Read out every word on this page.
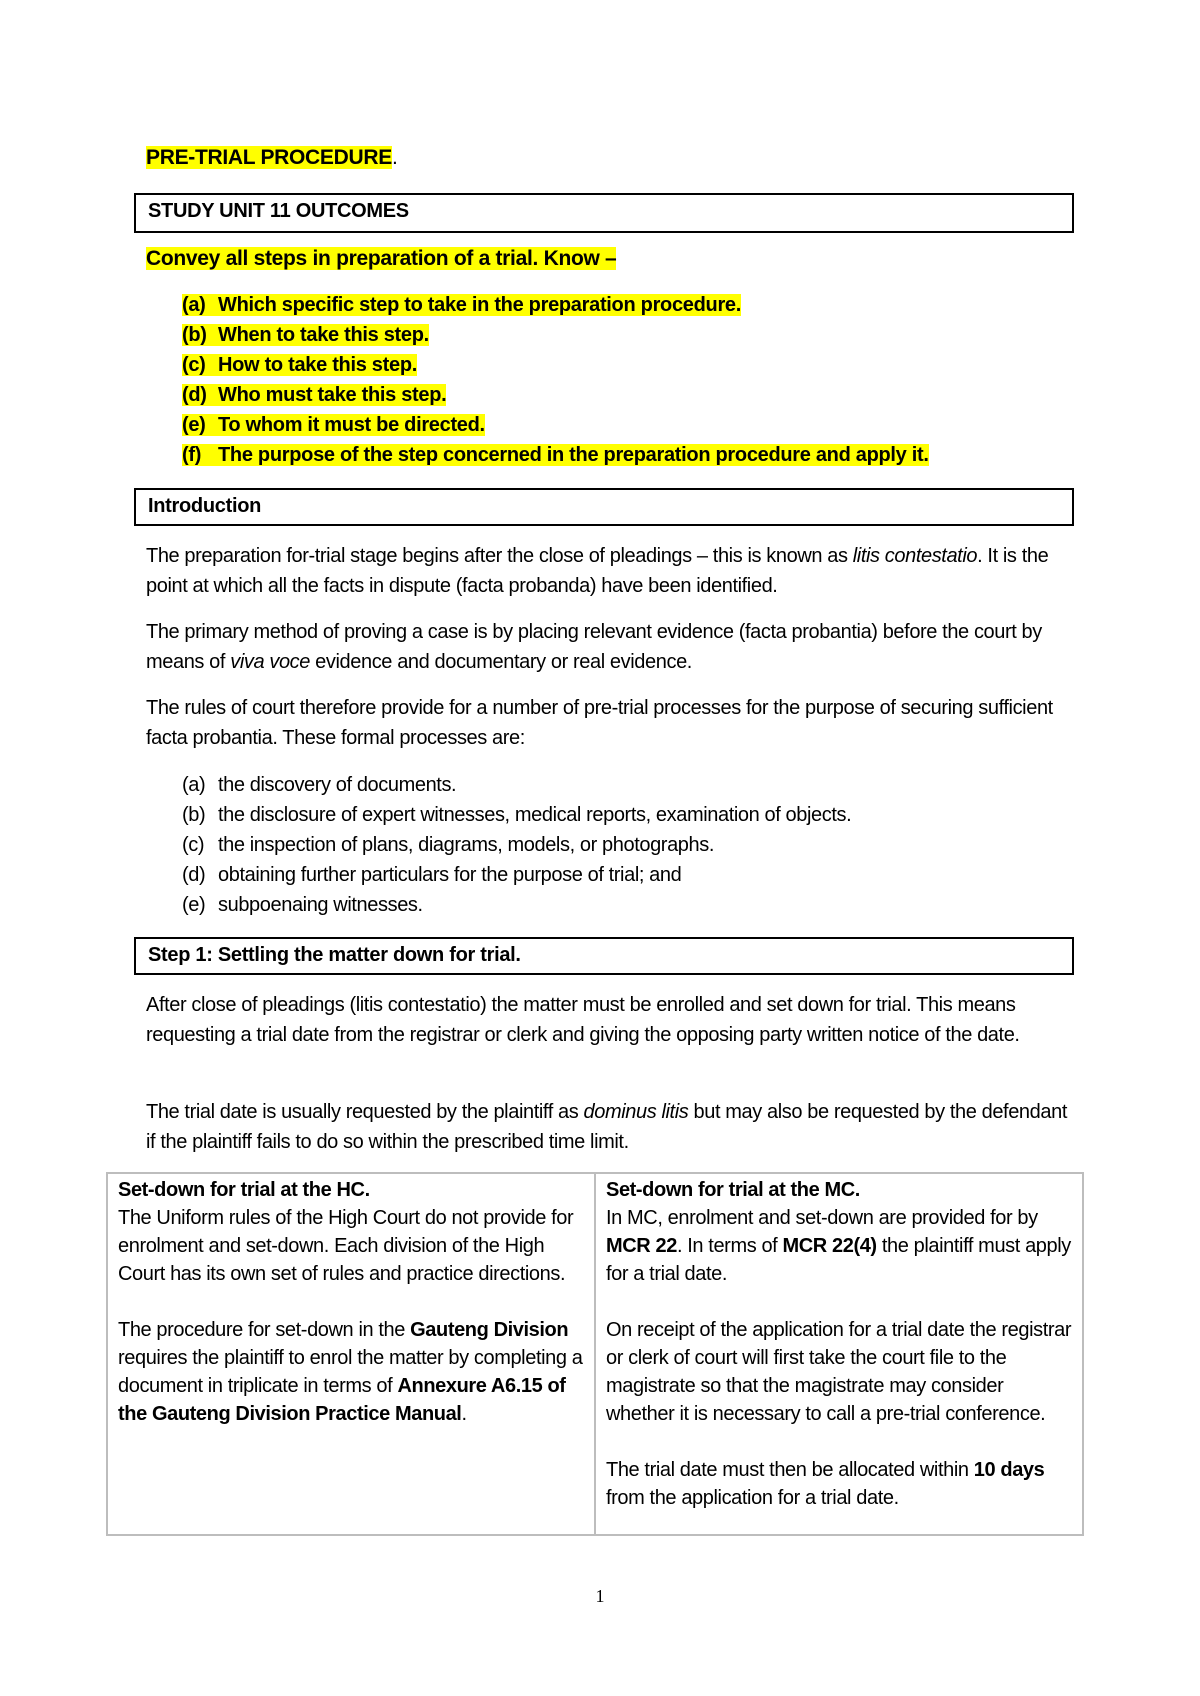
PRE-TRIAL PROCEDURE.
STUDY UNIT 11 OUTCOMES
Convey all steps in preparation of a trial. Know –
(a) Which specific step to take in the preparation procedure.
(b) When to take this step.
(c) How to take this step.
(d) Who must take this step.
(e) To whom it must be directed.
(f) The purpose of the step concerned in the preparation procedure and apply it.
Introduction
The preparation for-trial stage begins after the close of pleadings – this is known as litis contestatio. It is the point at which all the facts in dispute (facta probanda) have been identified.
The primary method of proving a case is by placing relevant evidence (facta probantia) before the court by means of viva voce evidence and documentary or real evidence.
The rules of court therefore provide for a number of pre-trial processes for the purpose of securing sufficient facta probantia. These formal processes are:
(a) the discovery of documents.
(b) the disclosure of expert witnesses, medical reports, examination of objects.
(c) the inspection of plans, diagrams, models, or photographs.
(d) obtaining further particulars for the purpose of trial; and
(e) subpoenaing witnesses.
Step 1: Settling the matter down for trial.
After close of pleadings (litis contestatio) the matter must be enrolled and set down for trial. This means requesting a trial date from the registrar or clerk and giving the opposing party written notice of the date.
The trial date is usually requested by the plaintiff as dominus litis but may also be requested by the defendant if the plaintiff fails to do so within the prescribed time limit.
Set-down for trial at the HC.
The Uniform rules of the High Court do not provide for enrolment and set-down. Each division of the High Court has its own set of rules and practice directions.
The procedure for set-down in the Gauteng Division requires the plaintiff to enrol the matter by completing a document in triplicate in terms of Annexure A6.15 of the Gauteng Division Practice Manual.

Set-down for trial at the MC.
In MC, enrolment and set-down are provided for by MCR 22. In terms of MCR 22(4) the plaintiff must apply for a trial date.
On receipt of the application for a trial date the registrar or clerk of court will first take the court file to the magistrate so that the magistrate may consider whether it is necessary to call a pre-trial conference.
The trial date must then be allocated within 10 days from the application for a trial date.
1
